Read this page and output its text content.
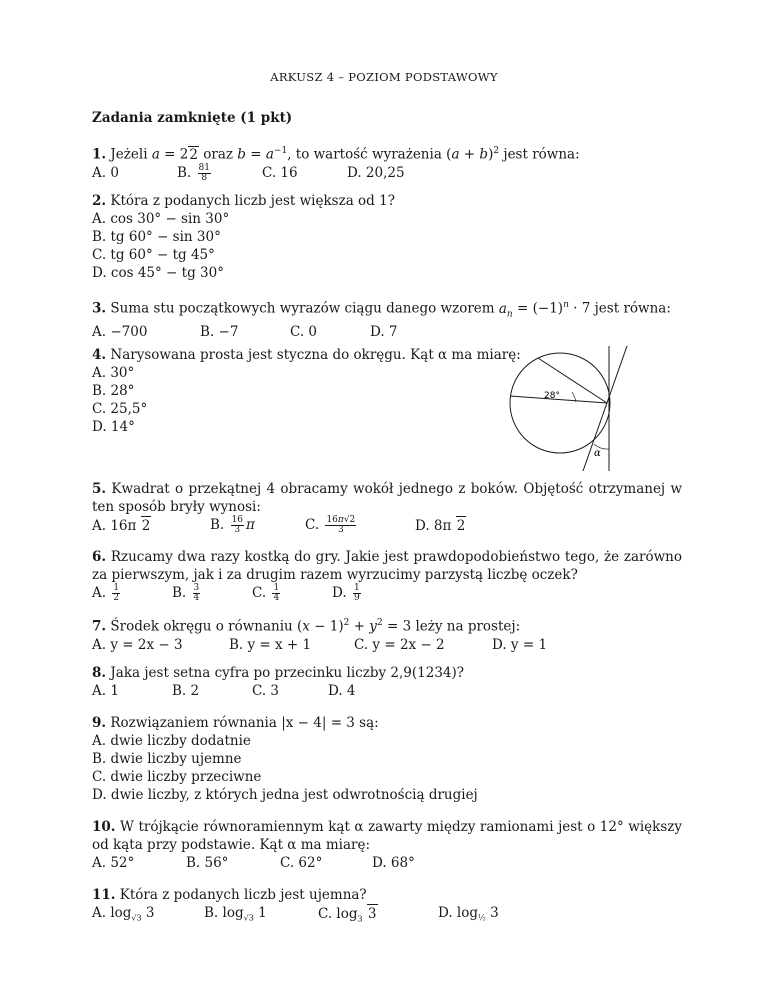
ARKUSZ 4 – POZIOM PODSTAWOWY
Zadania zamknięte (1 pkt)
1. Jeżeli a = 22 oraz $b = a^{-1}$, to wartość wyrażenia $(a + b)^2$ jest równa:
A. 0	B. $\frac{81}{8}$	C. 16	D. 20,25
2. Która z podanych liczb jest większa od 1?
A. cos 30° − sin 30°
B. tg 60° − sin 30°
C. tg 60° − tg 45°
D. cos 45° − tg 30°
3. Suma stu początkowych wyrazów ciągu danego wzorem $a_n = (-1)^n \cdot 7$ jest równa:
A. −700	B. −7	C. 0	D. 7
4. Narysowana prosta jest styczna do okręgu. Kąt α ma miarę:
A. 30°
B. 28°
C. 25,5°
D. 14°
28°
α
5. Kwadrat o przekątnej 4 obracamy wokół jednego z boków. Objętość otrzymanej w ten sposób bryły wynosi:
A. 16π 2	B. $\frac{16}{3}$ π	C. $\frac{16\pi√2}{3}$	D. 8π 2
6. Rzucamy dwa razy kostką do gry. Jakie jest prawdopodobieństwo tego, że zarówno za pierwszym, jak i za drugim razem wyrzucimy parzystą liczbę oczek?
A. $\frac{1}{2}$	B. $\frac{3}{4}$	C. $\frac{1}{4}$	D. $\frac{1}{9}$
7. Środek okręgu o równaniu $(x - 1)^2 + y^2 = 3$ leży na prostej:
A. y = 2x − 3	B. y = x + 1	C. y = 2x − 2	D. y = 1
8. Jaka jest setna cyfra po przecinku liczby 2,9(1234)?
A. 1	B. 2	C. 3	D. 4
9. Rozwiązaniem równania |x − 4| = 3 są:
A. dwie liczby dodatnie
B. dwie liczby ujemne
C. dwie liczby przeciwne
D. dwie liczby, z których jedna jest odwrotnością drugiej
10. W trójkącie równoramiennym kąt α zawarty między ramionami jest o 12° większy od kąta przy podstawie. Kąt α ma miarę:
A. 52°	B. 56°	C. 62°	D. 68°
11. Która z podanych liczb jest ujemna?
A. $\log_{√3} 3$	B. $\log_{√3} 1$	C. $\log_3 3$	D. $\log_{\frac{1}{2}} 3$
